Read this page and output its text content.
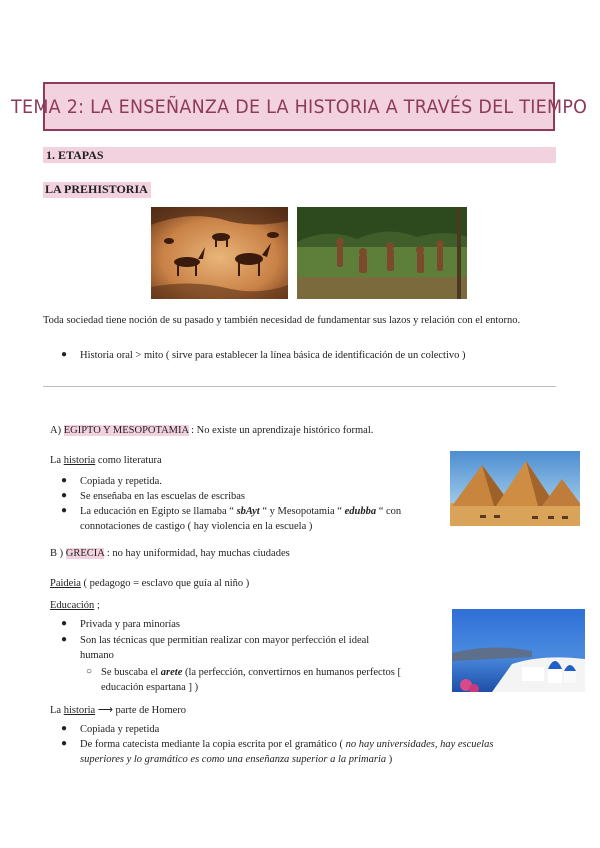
TEMA 2: LA ENSEÑANZA DE LA HISTORIA A TRAVÉS DEL TIEMPO
1. ETAPAS
LA PREHISTORIA
Toda sociedad tiene noción de su pasado y también necesidad de fundamentar sus lazos y relación con el entorno.
● Historia oral > mito ( sirve para establecer la línea básica de identificación de un colectivo )
A) EGIPTO Y MESOPOTAMIA : No existe un aprendizaje histórico formal.
La historia como literatura
● Copiada y repetida.
● Se enseñaba en las escuelas de escribas
● La educación en Egipto se llamaba “ sbAyt “ y Mesopotamia “ edubba “ con
connotaciones de castigo ( hay violencia en la escuela )
B ) GRECIA : no hay uniformidad, hay muchas ciudades
Paideia ( pedagogo = esclavo que guía al niño )
Educación ;
● Privada y para minorías
● Son las técnicas que permitían realizar con mayor perfección el ideal
humano
○ Se buscaba el arete (la perfección, convertirnos en humanos perfectos [
educación espartana ] )
La historia ⟶ parte de Homero
● Copiada y repetida
● De forma catecista mediante la copia escrita por el gramático ( no hay universidades, hay escuelas
superiores y lo gramático es como una enseñanza superior a la primaria )
